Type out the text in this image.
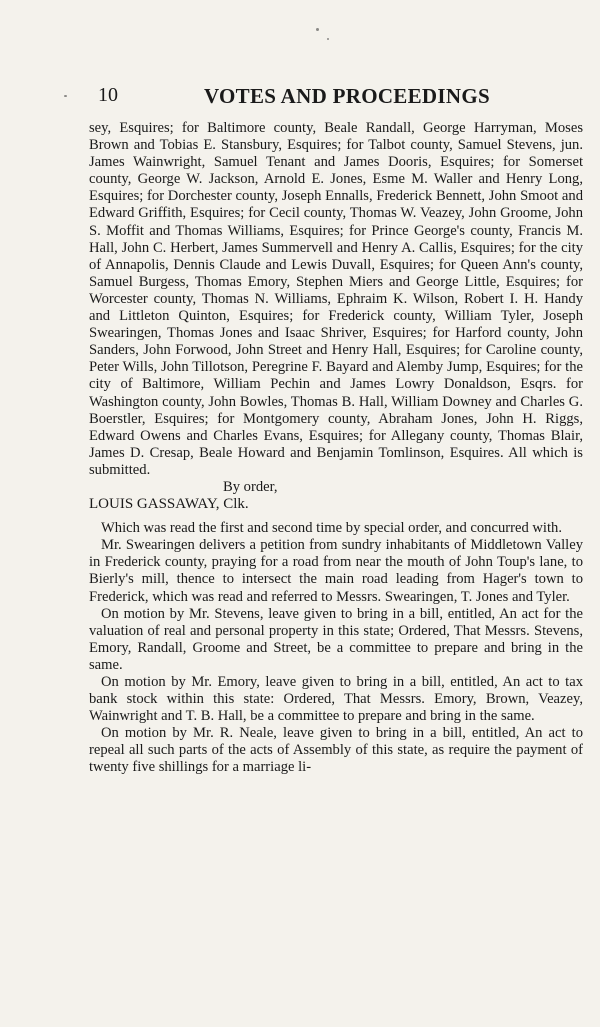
10	VOTES AND PROCEEDINGS

sey, Esquires; for Baltimore county, Beale Randall, George Harryman, Moses Brown and Tobias E. Stansbury, Esquires; for Talbot county, Samuel Stevens, jun. James Wainwright, Samuel Tenant and James Dooris, Esquires; for Somerset county, George W. Jackson, Arnold E. Jones, Esme M. Waller and Henry Long, Esquires; for Dorchester county, Joseph Ennalls, Frederick Bennett, John Smoot and Edward Griffith, Esquires; for Cecil county, Thomas W. Veazey, John Groome, John S. Moffit and Thomas Williams, Esquires; for Prince George's county, Francis M. Hall, John C. Herbert, James Summervell and Henry A. Callis, Esquires; for the city of Annapolis, Dennis Claude and Lewis Duvall, Esquires; for Queen Ann's county, Samuel Burgess, Thomas Emory, Stephen Miers and George Little, Esquires; for Worcester county, Thomas N. Williams, Ephraim K. Wilson, Robert I. H. Handy and Littleton Quinton, Esquires; for Frederick county, William Tyler, Joseph Swearingen, Thomas Jones and Isaac Shriver, Esquires; for Harford county, John Sanders, John Forwood, John Street and Henry Hall, Esquires; for Caroline county, Peter Wills, John Tillotson, Peregrine F. Bayard and Alemby Jump, Esquires; for the city of Baltimore, William Pechin and James Lowry Donaldson, Esqrs. for Washington county, John Bowles, Thomas B. Hall, William Downey and Charles G. Boerstler, Esquires; for Montgomery county, Abraham Jones, John H. Riggs, Edward Owens and Charles Evans, Esquires; for Allegany county, Thomas Blair, James D. Cresap, Beale Howard and Benjamin Tomlinson, Esquires. All which is submitted.

By order,

LOUIS GASSAWAY, Clk.

Which was read the first and second time by special order, and concurred with.

Mr. Swearingen delivers a petition from sundry inhabitants of Middletown Valley in Frederick county, praying for a road from near the mouth of John Toup's lane, to Bierly's mill, thence to intersect the main road leading from Hager's town to Frederick, which was read and referred to Messrs. Swearingen, T. Jones and Tyler.

On motion by Mr. Stevens, leave given to bring in a bill, entitled, An act for the valuation of real and personal property in this state; Ordered, That Messrs. Stevens, Emory, Randall, Groome and Street, be a committee to prepare and bring in the same.

On motion by Mr. Emory, leave given to bring in a bill, entitled, An act to tax bank stock within this state: Ordered, That Messrs. Emory, Brown, Veazey, Wainwright and T. B. Hall, be a committee to prepare and bring in the same.

On motion by Mr. R. Neale, leave given to bring in a bill, entitled, An act to repeal all such parts of the acts of Assembly of this state, as require the payment of twenty five shillings for a marriage li-
